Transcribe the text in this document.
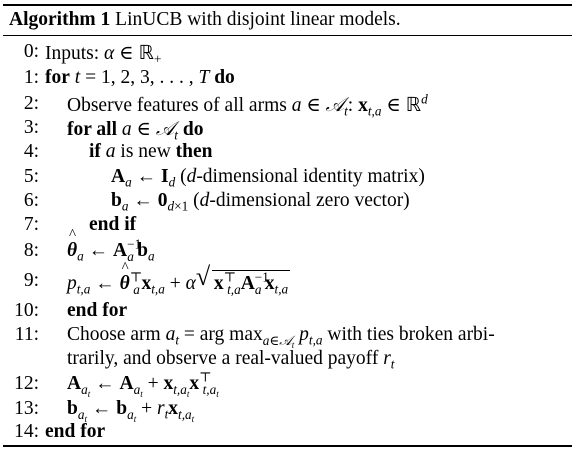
Algorithm 1 LinUCB with disjoint linear models.
0: Inputs: α ∈ ℝ$_+$
1: for t = 1, 2, 3, . . . , T do
2: Observe features of all arms a ∈ 𝒜$_t$: $x_{t,a}$ ∈ ℝ$^d$
3: for all a ∈ 𝒜$_t$ do
4:	if a is new then
5:	$A_a$ ← $I_d$ (d-dimensional identity matrix)
6:	$b_a$ ← $0_{d\times 1}$ (d-dimensional zero vector)
7:	end if
8:
^ $\theta_a$ ← $A^{-1}_a$   $b_a$
9: $p_{t,a}$ ← ^ $\theta^⊤_a$ $x_{t,a} + \alpha$ √ $x^⊤_{t,a}A^{-1}_a$   $x_{t,a}$
10: end for
11: Choose arm $a_t$ = arg $\max_{a\in 𝒜_t} p_{t,a}$ with ties broken arbi-
trarily, and observe a real-valued payoff $r_t$
12: $A_{a_t}$ ← $A_{a_t} + x_{t,a_t}x^⊤_{t,a_t}$
13: $b_{a_t}$ ← $b_{a_t} + r_tx_{t,a_t}$
14: end for
